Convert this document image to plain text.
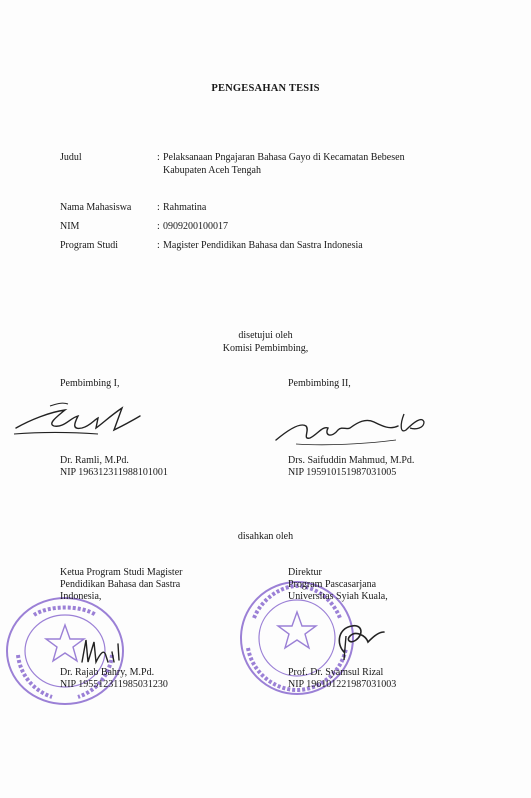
PENGESAHAN TESIS
Judul	: Pelaksanaan Pngajaran Bahasa Gayo di Kecamatan Bebesen Kabupaten Aceh Tengah
Nama Mahasiswa	: Rahmatina
NIM	: 0909200100017
Program Studi	: Magister Pendidikan Bahasa dan Sastra Indonesia
disetujui oleh
Komisi Pembimbing,
Pembimbing I,
Dr. Ramli, M.Pd.
NIP 196312311988101001
Pembimbing II,
Drs. Saifuddin Mahmud, M.Pd.
NIP 195910151987031005
disahkan oleh
Ketua Program Studi Magister
Pendidikan Bahasa dan Sastra
Indonesia,
Dr. Rajab Bahry, M.Pd.
NIP 195512311985031230
Direktur
Program Pascasarjana
Universitas Syiah Kuala,
Prof. Dr. Syamsul Rizal
NIP 196101221987031003
